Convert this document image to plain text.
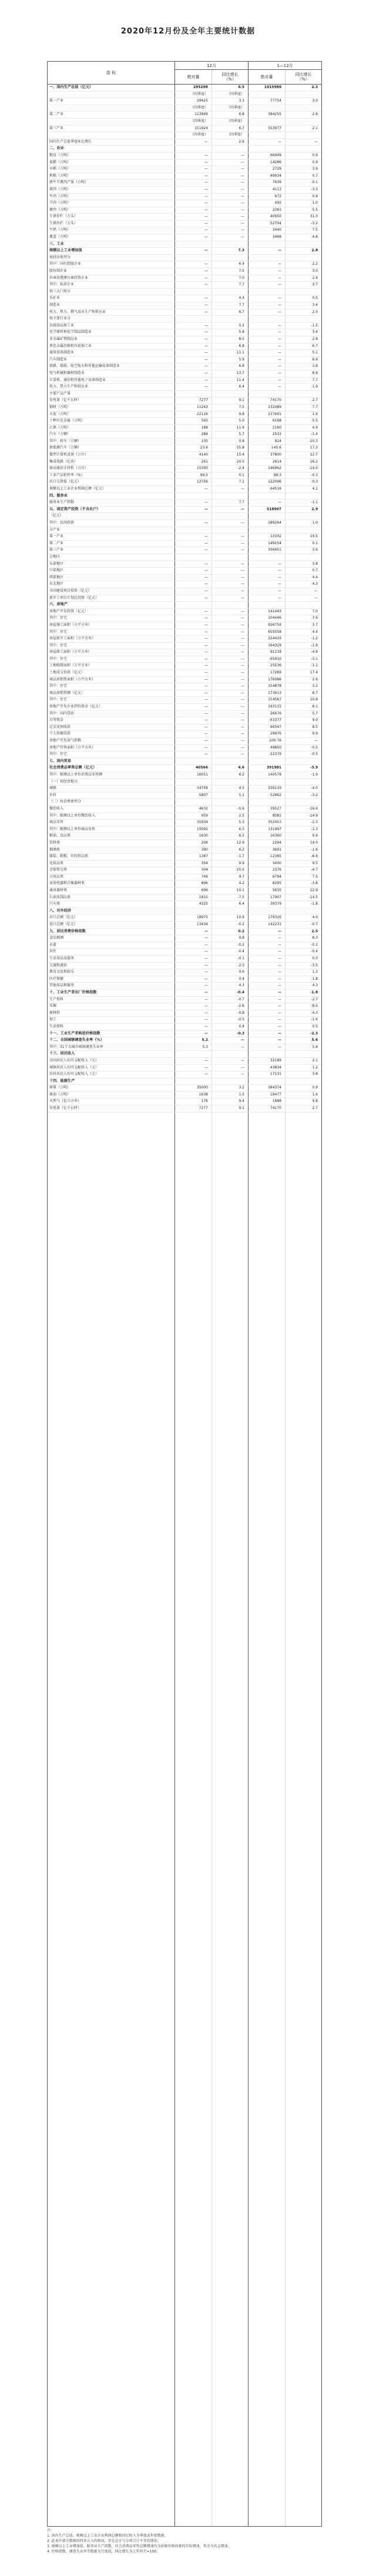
2020年12月份及全年主要统计数据
指 标
12月	1—12月
绝对量	同比增长
（%）	绝对量	同比增长
（%）
一、国内生产总值（亿元）	295298	6.5	1015986	2.3
（四季度）	（四季度）
第一产业	29425	3.1	77754	3.0
（四季度）	（四季度）
第二产业	113949	6.8	384255	2.6
（四季度）	（四季度）
第三产业	151924	6.7	553977	2.1
（四季度）	（四季度）
国内生产总值季度环比增长	—	2.6	—	—
二、农业
粮食（万吨）	—	—	66949	0.9
夏粮（万吨）	—	—	14286	0.9
早稻（万吨）	—	—	2729	3.9
秋粮（万吨）	—	—	49934	0.7
猪牛羊禽肉产量（万吨）	—	—	7639	-0.1
猪肉（万吨）	—	—	4113	-3.3
牛肉（万吨）	—	—	672	0.8
羊肉（万吨）	—	—	492	1.0
禽肉（万吨）	—	—	2361	5.5
生猪存栏（万头）	—	—	40650	31.0
生猪出栏（万头）	—	—	52704	-3.2
牛奶（万吨）	—	—	3440	7.5
禽蛋（万吨）	—	—	3468	4.8
三、工业
规模以上工业增加值	—	7.3	—	2.8
按经济类型分
其中：国有控股企业	—	6.4	—	2.2
股份制企业	—	7.5	—	3.0
外商及港澳台商投资企业	—	7.0	—	2.4
其中：私营企业	—	7.7	—	3.7
按三大门类分
采矿业	—	4.4	—	0.5
制造业	—	7.7	—	3.4
电力、热力、燃气及水生产和供应业	—	6.7	—	2.0
按主要行业分
农副食品加工业	—	0.2	—	-1.5
化学原料和化学制品制造业	—	5.8	—	3.4
非金属矿物制品业	—	8.5	—	2.8
黑色金属冶炼和压延加工业	—	6.8	—	6.7
通用设备制造业	—	11.1	—	5.1
汽车制造业	—	5.9	—	6.6
铁路、船舶、航空航天和其他运输设备制造业	—	6.8	—	3.8
电气机械和器材制造业	—	13.7	—	8.9
计算机、通信和其他电子设备制造业	—	11.4	—	7.7
电力、热力生产和供应业	—	6.4	—	1.9
主要产品产量
发电量（亿千瓦时）	7277	9.1	74170	2.7
钢材（万吨）	11243	7.5	132489	7.7
水泥（万吨）	22126	9.8	237691	1.6
十种有色金属（万吨）	565	5.0	6168	5.5
乙烯（万吨）	189	11.9	2160	4.9
汽车（万辆）	284	5.7	2533	-1.4
其中：轿车（万辆）	105	0.8	924	-10.3
新能源汽车（万辆）	23.6	55.8	145.6	17.3
微型计算机设备（万台）	4140	15.4	37800	12.7
集成电路（亿块）	261	20.5	2614	16.2
移动通信手持机（万台）	15300	-2.4	146962	-14.0
工业产品销售率（%）	99.5	0.1	98.3	-0.3
出口交货值（亿元）	12756	7.1	122096	-0.3
规模以上工业企业利润总额（亿元）	—	—	64516	4.1
四、服务业
服务业生产指数	—	7.7	—	-1.1
五、固定资产投资（不含农户）	—	—	518907	2.9
（亿元）
其中：民间投资	—	—	289264	1.0
分产业
第一产业	—	—	13302	19.5
第二产业	—	—	149154	0.1
第三产业	—	—	356451	3.6
分地区
东部地区	—	—	—	3.8
中部地区	—	—	—	0.7
西部地区	—	—	—	4.4
东北地区	—	—	—	4.3
全国建设项目投资（亿元）	—	—	—	—
新开工项目计划总投资（亿元）	—	—	—	—
六、房地产
房地产开发投资（亿元）	—	—	141443	7.0
其中：住宅	—	—	104446	7.6
房屋施工面积（万平方米）	—	—	926759	3.7
其中：住宅	—	—	655558	4.4
房屋新开工面积（万平方米）	—	—	224433	-1.2
其中：住宅	—	—	164329	-1.9
房屋竣工面积（万平方米）	—	—	91218	-4.9
其中：住宅	—	—	65910	-3.1
土地购置面积（万平方米）	—	—	25536	-1.1
土地成交价款（亿元）	—	—	17269	17.4
商品房销售面积（万平方米）	—	—	176086	2.6
其中：住宅	—	—	154878	3.2
商品房销售额（亿元）	—	—	173613	8.7
其中：住宅	—	—	154567	10.8
房地产开发企业到位资金（亿元）	—	—	193115	8.1
其中：国内贷款	—	—	26676	5.7
自筹资金	—	—	63377	9.0
定金及预收款	—	—	66547	8.5
个人按揭贷款	—	—	29976	9.9
房地产开发景气指数	—	—	100.76	—
房地产待售面积（万平方米）	—	—	49850	-0.5
其中：住宅	—	—	22379	-0.5
七、国内贸易
社会消费品零售总额（亿元）	40566	4.6	391981	-3.9
其中：限额以上单位消费品零售额	16051	6.2	140578	-1.9
（一）按经营地分
城镇	34759	4.5	339119	-4.0
乡村	5807	5.1	52862	-3.2
（二）按消费类型分
餐饮收入	4632	-0.6	39527	-16.6
其中：限额以上单位餐饮收入	959	2.5	8581	-14.9
商品零售	35934	5.3	352453	-2.3
其中：限额以上单位商品零售	15092	6.3	131997	-1.3
粮油、食品类	1630	6.2	16360	9.9
饮料类	206	12.9	2294	14.0
烟酒类	390	6.2	3691	-1.6
服装、鞋帽、针纺织品类	1387	-1.7	12365	-6.6
化妆品类	354	9.9	3400	9.5
金银珠宝类	304	20.5	2376	-4.7
日用品类	749	9.7	6794	7.5
家用电器和音像器材类	896	4.2	8295	-3.8
通讯器材类	696	10.1	5635	12.9
石油及制品类	1810	-7.5	17907	-14.5
汽车类	4325	6.4	39379	-1.8
八、对外经济
出口总额（亿元）	18975	10.9	179326	4.0
进口总额（亿元）	13434	-0.2	142231	-0.7
九、居民消费价格指数	—	0.2	—	2.5
食品烟酒	—	0.8	—	8.3
衣着	—	-0.2	—	-0.2
居住	—	-0.4	—	-0.4
生活用品及服务	—	-0.1	—	0.0
交通和通信	—	-2.3	—	-3.5
教育文化和娱乐	—	0.6	—	1.3
医疗保健	—	0.4	—	1.8
其他用品和服务	—	4.3	—	4.3
十、工业生产者出厂价格指数	—	-0.4	—	-1.8
生产资料	—	-0.7	—	-2.7
采掘	—	-2.6	—	-8.5
原材料	—	-0.8	—	-4.3
加工	—	-0.5	—	-1.6
生活资料	—	0.4	—	0.5
十一、工业生产者购进价格指数	—	-0.3	—	-2.3
十二、全国城镇调查失业率（%）	5.2	—	—	5.6
其中：31个大城市城镇调查失业率	5.3	—	—	5.8
十三、居民收入
全国居民人均可支配收入（元）	—	—	32189	2.1
城镇居民人均可支配收入（元）	—	—	43834	1.2
农村居民人均可支配收入（元）	—	—	17131	3.8
十四、能源生产
原煤（万吨）	35000	3.2	384374	0.9
原油（万吨）	1638	1.5	19477	1.6
天然气（亿立方米）	176	9.4	1888	9.8
发电量（亿千瓦时）	7277	9.1	74170	2.7
注：
1. 国内生产总值、规模以上工业企业利润总额和居民收入为季度或年度数据。
2. 此表中部分数据因四舍五入的原因，存在总计与分项合计不等的情况。
3. 规模以上工业增加值、服务业生产指数、社会消费品零售总额增速均为扣除价格因素的实际增速，其余为名义增速。
4. 价格指数、调查失业率等数据为月度值，同比增长为上年同月=100。
